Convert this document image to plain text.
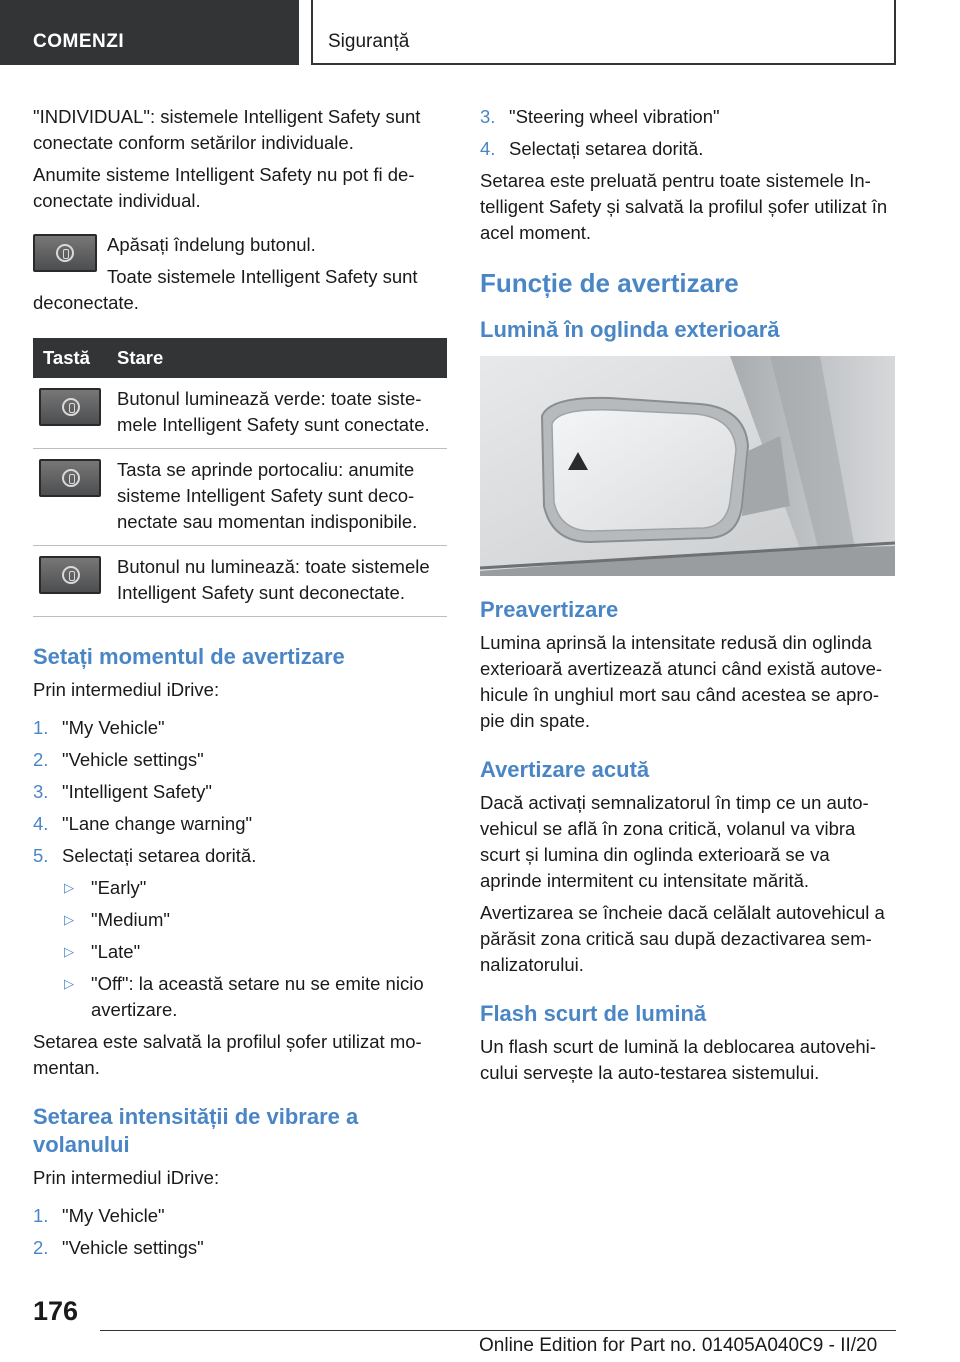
COMENZI	Siguranță

"INDIVIDUAL": sistemele Intelligent Safety sunt conectate conform setărilor individuale.

Anumite sisteme Intelligent Safety nu pot fi de-conectate individual.

Apăsați îndelung butonul.

Toate sistemele Intelligent Safety sunt

deconectate.

Tastă	Stare

	Butonul luminează verde: toate siste-mele Intelligent Safety sunt conectate.

	Tasta se aprinde portocaliu: anumite sisteme Intelligent Safety sunt deco-nectate sau momentan indisponibile.

	Butonul nu luminează: toate sistemele Intelligent Safety sunt deconectate.
Setați momentul de avertizare

Prin intermediul iDrive:

1. "My Vehicle"
2. "Vehicle settings"
3. "Intelligent Safety"
4. "Lane change warning"
5. Selectați setarea dorită.
▷ "Early"
▷ "Medium"
▷ "Late"
▷ "Off": la această setare nu se emite nicio avertizare.

Setarea este salvată la profilul șofer utilizat mo-mentan.

Setarea intensității de vibrare a volanului

Prin intermediul iDrive:

1. "My Vehicle"
2. "Vehicle settings"
3. "Steering wheel vibration"
4. Selectați setarea dorită.

Setarea este preluată pentru toate sistemele In-telligent Safety și salvată la profilul șofer utilizat în acel moment.

Funcție de avertizare
Lumină în oglinda exterioară
Preavertizare

Lumina aprinsă la intensitate redusă din oglinda exterioară avertizează atunci când există autove-hicule în unghiul mort sau când acestea se apro-pie din spate.

Avertizare acută

Dacă activați semnalizatorul în timp ce un auto-vehicul se află în zona critică, volanul va vibra scurt și lumina din oglinda exterioară se va aprinde intermitent cu intensitate mărită.

Avertizarea se încheie dacă celălalt autovehicul a părăsit zona critică sau după dezactivarea sem-nalizatorului.

Flash scurt de lumină

Un flash scurt de lumină la deblocarea autovehi-cului servește la auto-testarea sistemului.

176
Online Edition for Part no. 01405A040C9 - II/20
